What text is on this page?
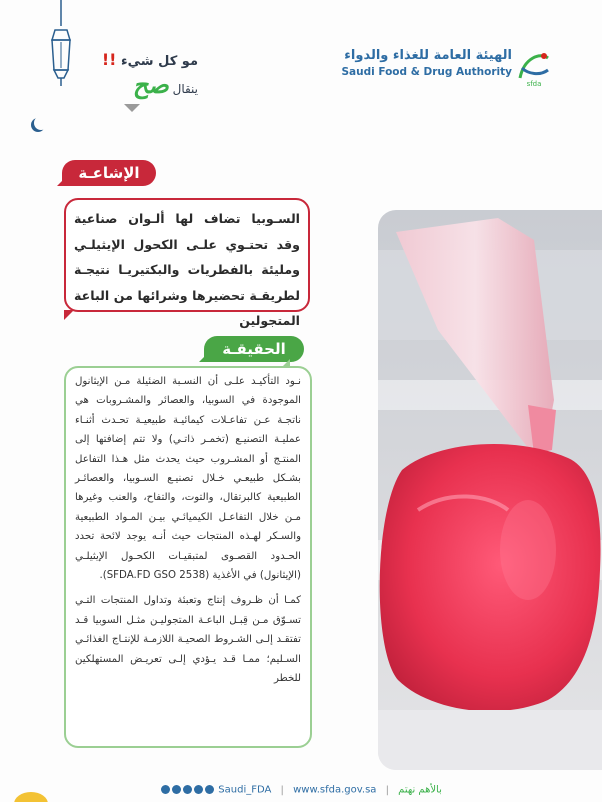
مو كل شيء !!
ينقال صح
الهيئة العامة للغذاء والدواء
Saudi Food & Drug Authority
sfda
الإشاعـة
السـوبيا تضاف لها ألـوان صناعية وقد تحتـوي علـى الكحول الإيثيلـي ومليئة بالفطريات والبكتيريـا نتيجـة لطريقـة تحضيرها وشرائها من الباعة المتجولين
الحقيقـة

نـود التأكيـد علـى أن النسـبة الضئيلة مـن الإيثانول الموجودة في السوبيا، والعصائر والمشـروبات هي ناتجـة عـن تفاعـلات كيمائيـة طبيعيـة تحـدث أثنـاء عمليـة التصنيـع (تخمـر ذاتـي) ولا تتم إضافتها إلى المنتـج أو المشـروب حيث يحدث مثل هـذا التفاعل بشـكل طبيعـي خـلال تصنيـع السـوبيا، والعصائـر الطبيعية كالبرتقال، والتوت، والتفاح، والعنب وغيرها مـن خلال التفاعـل الكيميائـي بيـن المـواد الطبيعية والسـكر لهـذه المنتجات حيث أنـه يوجد لائحة تحدد الحـدود القصـوى لمتبقيـات الكحـول الإيثيلـي (الإيثانول) في الأغذية (SFDA.FD GSO 2538).

كمـا أن ظـروف إنتاج وتعبئة وتداول المنتجات التـي تسـوّق مـن قِبـل الباعـة المتجوليـن مثـل السوبيا قـد تفتقـد إلـى الشـروط الصحيـة اللازمـة للإنتـاج الغذائـي السـليم؛ ممـا قـد يـؤدي إلـى تعريـض المستهلكين للخطر

Saudi_FDA | www.sfda.gov.sa | بالأهم نهتم
